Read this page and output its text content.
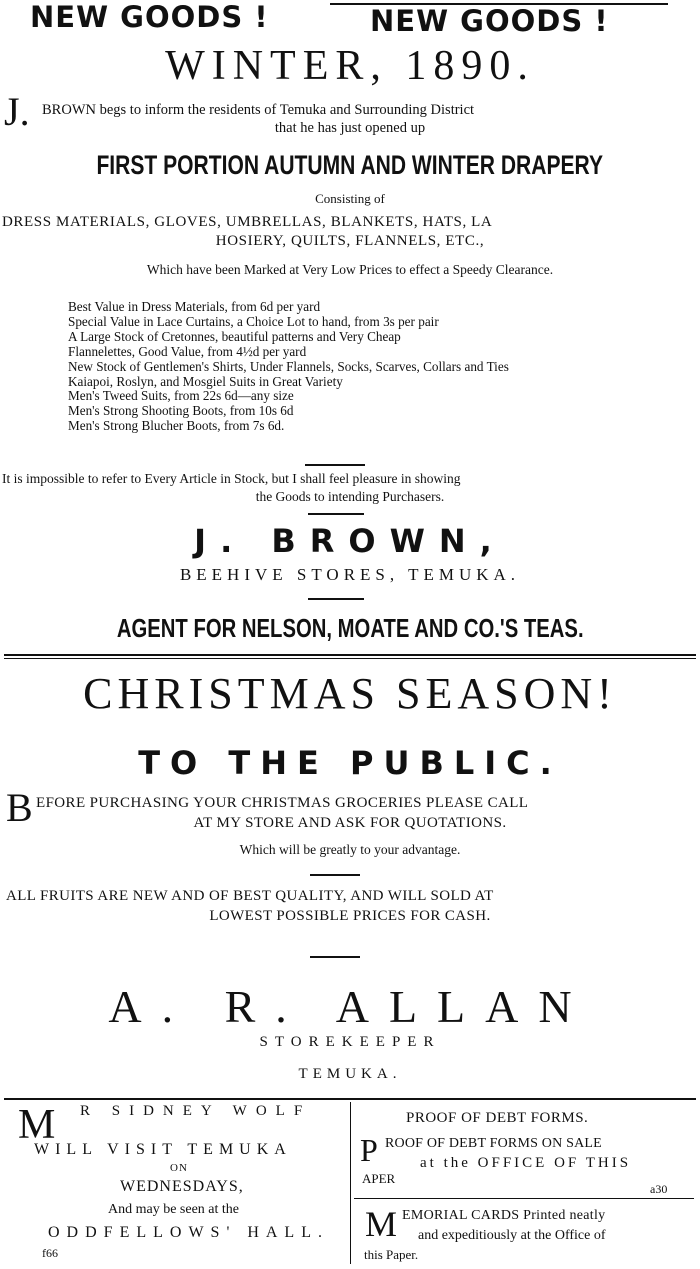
NEW GOODS !	NEW GOODS !
WINTER, 1890.
J. BROWN begs to inform the residents of Temuka and Surrounding District
that he has just opened up
FIRST PORTION AUTUMN AND WINTER DRAPERY
Consisting of
DRESS MATERIALS, GLOVES, UMBRELLAS, BLANKETS, HATS, LA
HOSIERY, QUILTS, FLANNELS, ETC.,
Which have been Marked at Very Low Prices to effect a Speedy Clearance.
Best Value in Dress Materials, from 6d per yard
Special Value in Lace Curtains, a Choice Lot to hand, from 3s per pair
A Large Stock of Cretonnes, beautiful patterns and Very Cheap
Flannelettes, Good Value, from 4½d per yard
New Stock of Gentlemen's Shirts, Under Flannels, Socks, Scarves, Collars and Ties
Kaiapoi, Roslyn, and Mosgiel Suits in Great Variety
Men's Tweed Suits, from 22s 6d—any size
Men's Strong Shooting Boots, from 10s 6d
Men's Strong Blucher Boots, from 7s 6d.
It is impossible to refer to Every Article in Stock, but I shall feel pleasure in showing
the Goods to intending Purchasers.
J. BROWN,
BEEHIVE STORES, TEMUKA.
AGENT FOR NELSON, MOATE AND CO.'S TEAS.
CHRISTMAS SEASON!
TO THE PUBLIC.
B EFORE PURCHASING YOUR CHRISTMAS GROCERIES PLEASE CALL
AT MY STORE AND ASK FOR QUOTATIONS.
Which will be greatly to your advantage.
ALL FRUITS ARE NEW AND OF BEST QUALITY, AND WILL SOLD AT
LOWEST POSSIBLE PRICES FOR CASH.
A. R. ALLAN
STOREKEEPER
TEMUKA.
M R SIDNEY WOLF
WILL VISIT TEMUKA
ON
WEDNESDAYS,
And may be seen at the
ODDFELLOWS' HALL.
f66
PROOF OF DEBT FORMS.
P ROOF OF DEBT FORMS ON SALE
at the OFFICE OF THIS
APER
a30
M EMORIAL CARDS Printed neatly
and expeditiously at the Office of
this Paper.
